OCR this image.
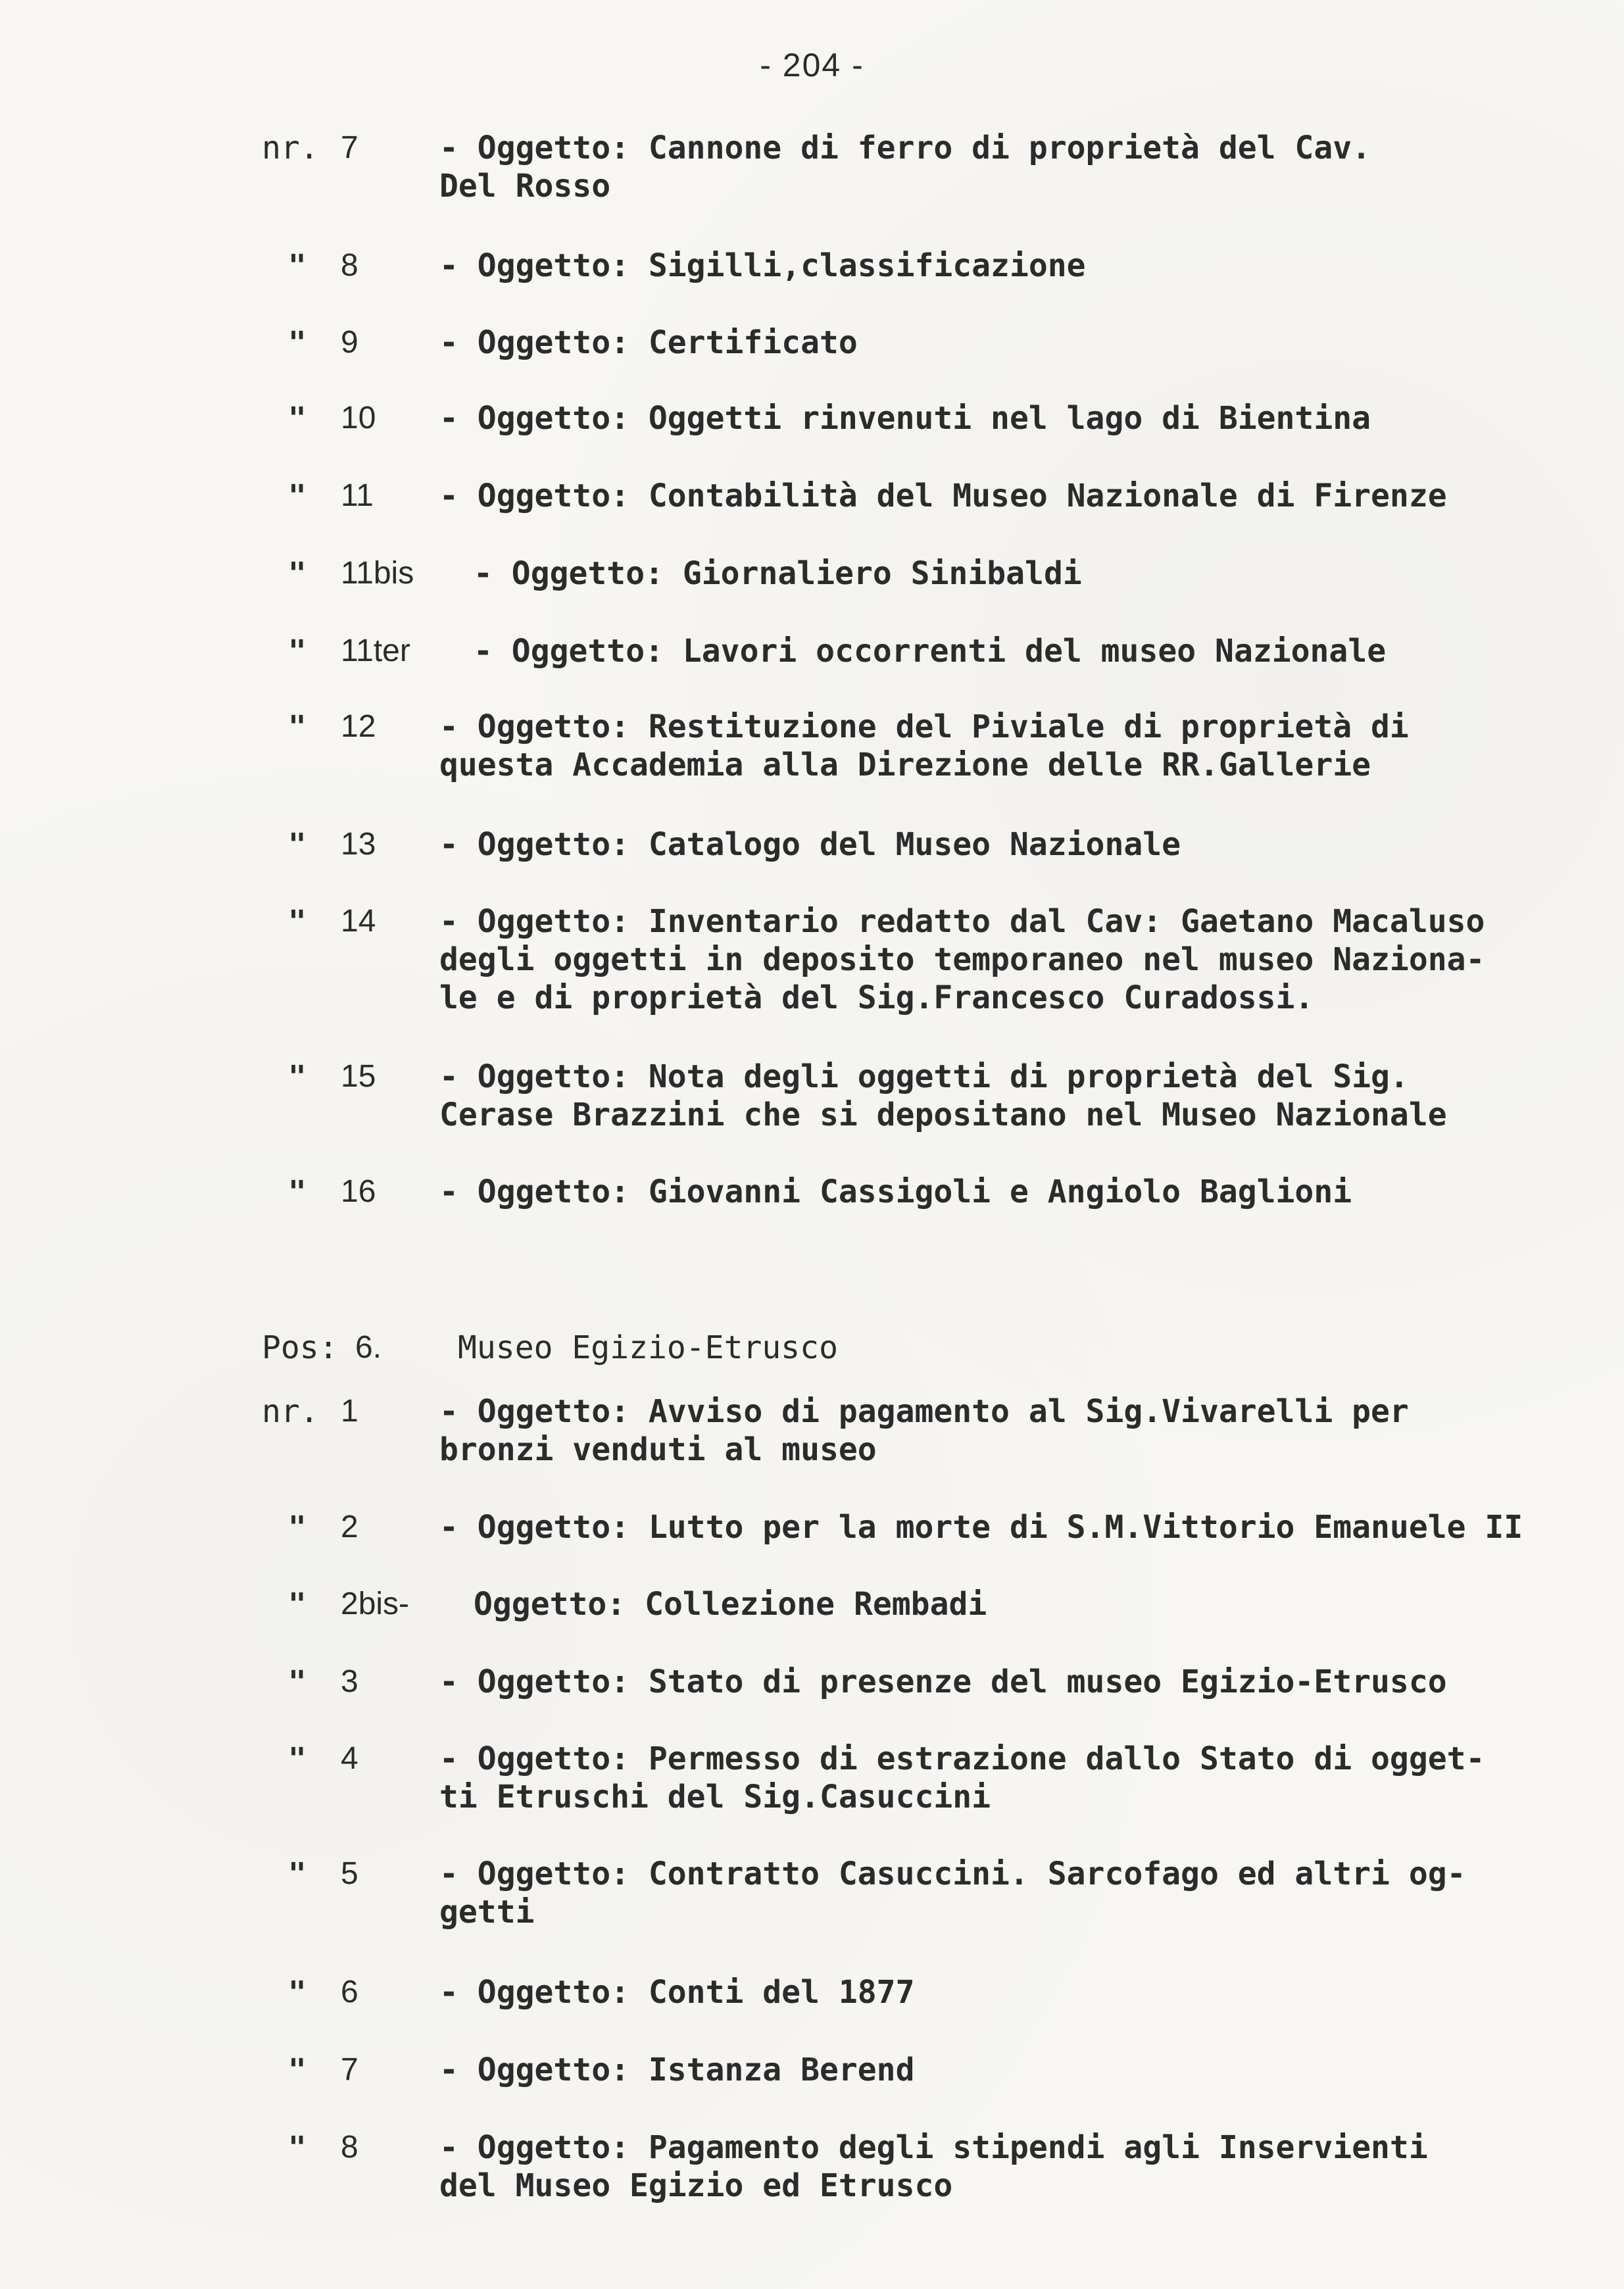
- 204 -
nr. 7	- Oggetto: Cannone di ferro di proprietà del Cav.
Del Rosso
" 8	- Oggetto: Sigilli,classificazione
" 9	- Oggetto: Certificato
" 10 - Oggetto: Oggetti rinvenuti nel lago di Bientina
" 11 - Oggetto: Contabilità del Museo Nazionale di Firenze
" 11bis - Oggetto: Giornaliero Sinibaldi
" 11ter - Oggetto: Lavori occorrenti del museo Nazionale
" 12 - Oggetto: Restituzione del Piviale di proprietà di
questa Accademia alla Direzione delle RR.Gallerie
" 13 - Oggetto: Catalogo del Museo Nazionale
" 14 - Oggetto: Inventario redatto dal Cav: Gaetano Macaluso
degli oggetti in deposito temporaneo nel museo Naziona-
le e di proprietà del Sig.Francesco Curadossi.
" 15 - Oggetto: Nota degli oggetti di proprietà del Sig.
Cerase Brazzini che si depositano nel Museo Nazionale
" 16 - Oggetto: Giovanni Cassigoli e Angiolo Baglioni
Pos: 6. Museo Egizio-Etrusco
nr. 1	- Oggetto: Avviso di pagamento al Sig.Vivarelli per
bronzi venduti al museo
" 2	- Oggetto: Lutto per la morte di S.M.Vittorio Emanuele II
" 2bis- Oggetto: Collezione Rembadi
" 3	- Oggetto: Stato di presenze del museo Egizio-Etrusco
" 4	- Oggetto: Permesso di estrazione dallo Stato di ogget-
ti Etruschi del Sig.Casuccini
" 5	- Oggetto: Contratto Casuccini. Sarcofago ed altri og-
getti
" 6	- Oggetto: Conti del 1877
" 7	- Oggetto: Istanza Berend
" 8	- Oggetto: Pagamento degli stipendi agli Inservienti
del Museo Egizio ed Etrusco
